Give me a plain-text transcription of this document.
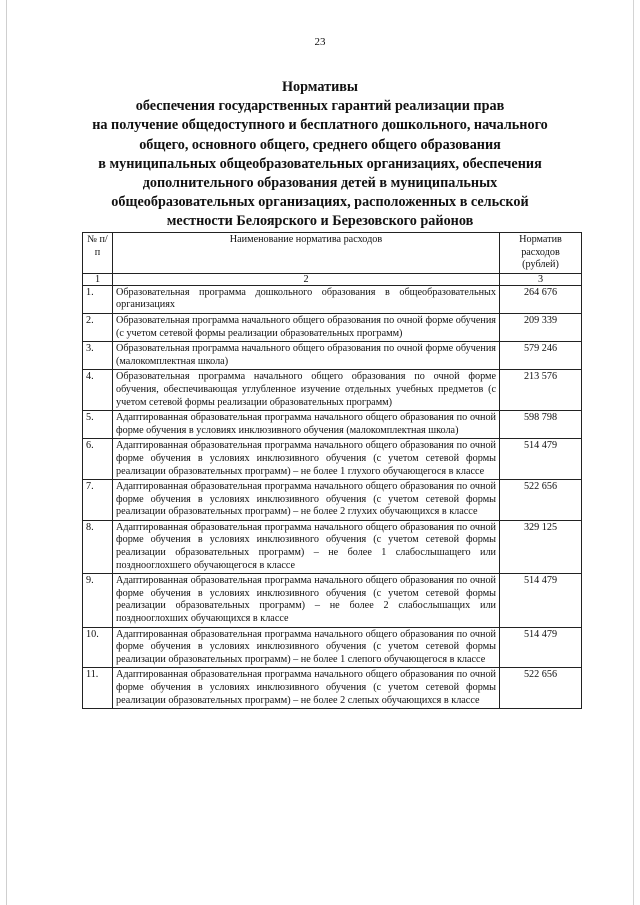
23
Нормативы
обеспечения государственных гарантий реализации прав
на получение общедоступного и бесплатного дошкольного, начального
общего, основного общего, среднего общего образования
в муниципальных общеобразовательных организациях, обеспечения
дополнительного образования детей в муниципальных
общеобразовательных организациях, расположенных в сельской
местности Белоярского и Березовского районов
№ п/п	Наименование норматива расходов	Норматив расходов (рублей)
1	2	3
1.	Образовательная программа дошкольного образования в общеобразовательных организациях	264 676
2.	Образовательная программа начального общего образования по очной форме обучения (с учетом сетевой формы реализации образовательных программ)	209 339
3.	Образовательная программа начального общего образования по очной форме обучения (малокомплектная школа)	579 246
4.	Образовательная программа начального общего образования по очной форме обучения, обеспечивающая углубленное изучение отдельных учебных предметов (с учетом сетевой формы реализации образовательных программ)	213 576
5.	Адаптированная образовательная программа начального общего образования по очной форме обучения в условиях инклюзивного обучения (малокомплектная школа)	598 798
6.	Адаптированная образовательная программа начального общего образования по очной форме обучения в условиях инклюзивного обучения (с учетом сетевой формы реализации образовательных программ) – не более 1 глухого обучающегося в классе	514 479
7.	Адаптированная образовательная программа начального общего образования по очной форме обучения в условиях инклюзивного обучения (с учетом сетевой формы реализации образовательных программ) – не более 2 глухих обучающихся в классе	522 656
8.	Адаптированная образовательная программа начального общего образования по очной форме обучения в условиях инклюзивного обучения (с учетом сетевой формы реализации образовательных программ) – не более 1 слабослышащего или позднооглохшего обучающегося в классе	329 125
9.	Адаптированная образовательная программа начального общего образования по очной форме обучения в условиях инклюзивного обучения (с учетом сетевой формы реализации образовательных программ) – не более 2 слабослышащих или позднооглохших обучающихся в классе	514 479
10.	Адаптированная образовательная программа начального общего образования по очной форме обучения в условиях инклюзивного обучения (с учетом сетевой формы реализации образовательных программ) – не более 1 слепого обучающегося в классе	514 479
11.	Адаптированная образовательная программа начального общего образования по очной форме обучения в условиях инклюзивного обучения (с учетом сетевой формы реализации образовательных программ) – не более 2 слепых обучающихся в классе	522 656
